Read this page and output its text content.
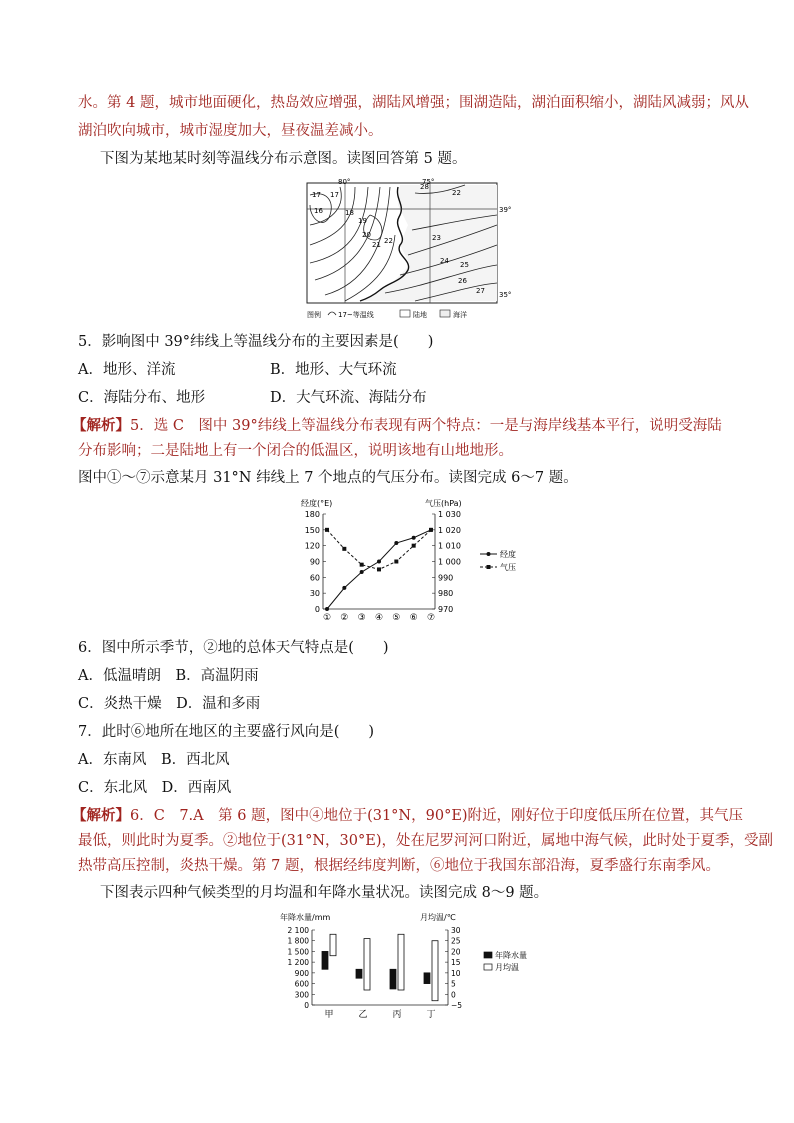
水。第 4 题，城市地面硬化，热岛效应增强，湖陆风增强；围湖造陆，湖泊面积缩小，湖陆风减弱；风从
湖泊吹向城市，城市湿度加大，昼夜温差减小。
下图为某地某时刻等温线分布示意图。读图回答第 5 题。
80°	75°
39°
35°
17
16
17
18
19
20
21 22
28
22
23
24 25
26
27
图例 17~等温线	陆地	海洋
5．影响图中 39°纬线上等温线分布的主要因素是(　　)
A．地形、洋流	B．地形、大气环流
C．海陆分布、地形	D．大气环流、海陆分布
【解析】5．选 C　图中 39°纬线上等温线分布表现有两个特点：一是与海岸线基本平行，说明受海陆
分布影响；二是陆地上有一个闭合的低温区，说明该地有山地地形。
图中①～⑦示意某月 31°N 纬线上 7 个地点的气压分布。读图完成 6～7 题。
经度(°E)	气压(hPa)
180
150
120
90
60
30
0
1 030
1 020
1 010
1 000
990
980
970
① ② ③ ④ ⑤ ⑥ ⑦
经度
气压
6．图中所示季节，②地的总体天气特点是(　　)
A．低温晴朗　B．高温阴雨
C．炎热干燥　D．温和多雨
7．此时⑥地所在地区的主要盛行风向是(　　)
A．东南风　B．西北风
C．东北风　D．西南风
【解析】6．C　7.A　第 6 题，图中④地位于(31°N，90°E)附近，刚好位于印度低压所在位置，其气压
最低，则此时为夏季。②地位于(31°N，30°E)，处在尼罗河河口附近，属地中海气候，此时处于夏季，受副
热带高压控制，炎热干燥。第 7 题，根据经纬度判断，⑥地位于我国东部沿海，夏季盛行东南季风。
下图表示四种气候类型的月均温和年降水量状况。读图完成 8～9 题。
年降水量/mm	月均温/℃
2 100
1 800
1 500
1 200
900
600
300
0
30
25
20
15
10
5
0
−5
甲	乙	丙	丁
年降水量
月均温
